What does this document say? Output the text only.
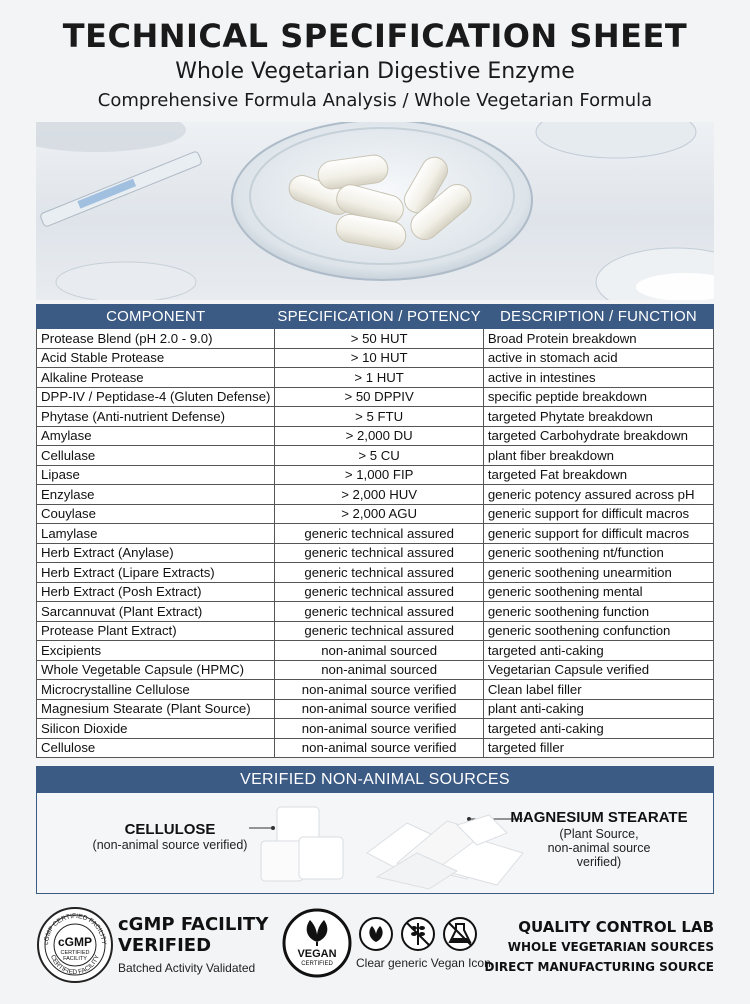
TECHNICAL SPECIFICATION SHEET
Whole Vegetarian Digestive Enzyme
Comprehensive Formula Analysis / Whole Vegetarian Formula
COMPONENT	SPECIFICATION / POTENCY	DESCRIPTION / FUNCTION
Protease Blend (pH 2.0 - 9.0)	> 50 HUT	Broad Protein breakdown
Acid Stable Protease	> 10 HUT	active in stomach acid
Alkaline Protease	> 1 HUT	active in intestines
DPP-IV / Peptidase-4 (Gluten Defense)	> 50 DPPIV	specific peptide breakdown
Phytase (Anti-nutrient Defense)	> 5 FTU	targeted Phytate breakdown
Amylase	> 2,000 DU	targeted Carbohydrate breakdown
Cellulase	> 5 CU	plant fiber breakdown
Lipase	> 1,000 FIP	targeted Fat breakdown
Enzylase	> 2,000 HUV	generic potency assured across pH
Couylase	> 2,000 AGU	generic support for difficult macros
Lamylase	generic technical assured	generic support for difficult macros
Herb Extract (Anylase)	generic technical assured	generic soothening nt/function
Herb Extract (Lipare Extracts)	generic technical assured	generic soothening unearmition
Herb Extract (Posh Extract)	generic technical assured	generic soothening mental
Sarcannuvat (Plant Extract)	generic technical assured	generic soothening function
Protease Plant Extract)	generic technical assured	generic soothening confunction
Excipients	non-animal sourced	targeted anti-caking
Whole Vegetable Capsule (HPMC)	non-animal sourced	Vegetarian Capsule verified
Microcrystalline Cellulose	non-animal source verified	Clean label filler
Magnesium Stearate (Plant Source)	non-animal source verified	plant anti-caking
Silicon Dioxide	non-animal source verified	targeted anti-caking
Cellulose	non-animal source verified	targeted filler
VERIFIED NON-ANIMAL SOURCES
CELLULOSE
(non-animal source verified)
MAGNESIUM STEARATE
(Plant Source,
non-animal source
verified)
cGMP CERTIFIED FACILITY
CERTIFIED FACILITY
cGMP
CERTIFIED
FACILITY
cGMP FACILITY
VERIFIED
Batched Activity Validated
VEGAN
CERTIFIED Clear generic Vegan Icon
QUALITY CONTROL LAB
WHOLE VEGETARIAN SOURCES
DIRECT MANUFACTURING SOURCE
